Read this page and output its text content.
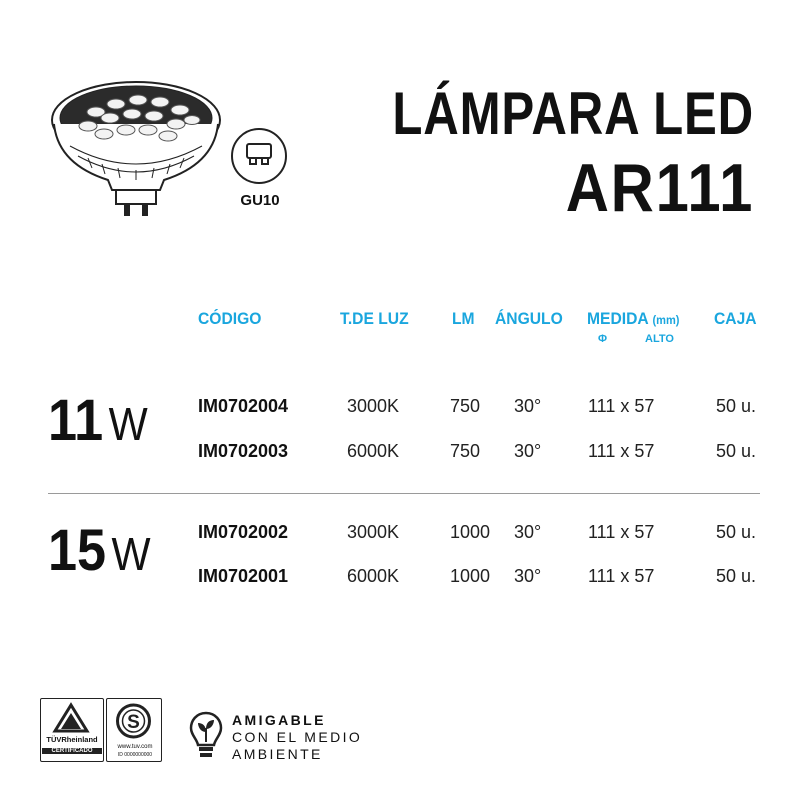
GU10
LÁMPARA LED
AR111
CÓDIGO	T.DE LUZ	LM ÁNGULO MEDIDA (mm) CAJA
Φ	ALTO
11 W	IM0702004	3000K	750 30°	111 x 57	50 u.
IM0702003	6000K	750 30°	111 x 57	50 u.
15 W	IM0702002	3000K	1000 30°	111 x 57	50 u.
IM0702001	6000K	1000 30°	111 x 57	50 u.
TÜVRheinland
CERTIFICADO
S
www.tuv.com
ID 0000000000
AMIGABLE
CON EL MEDIO
AMBIENTE
